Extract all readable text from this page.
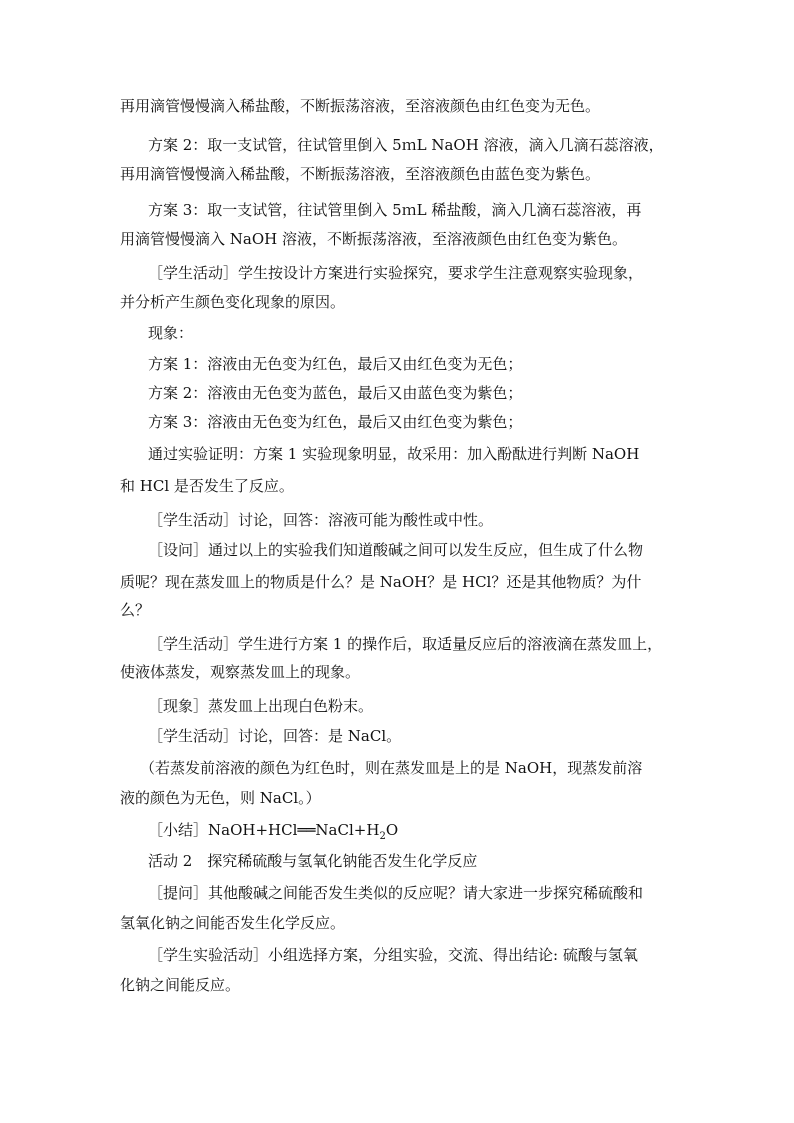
再用滴管慢慢滴入稀盐酸，不断振荡溶液，至溶液颜色由红色变为无色。
方案 2：取一支试管，往试管里倒入 5ｍL NaOH 溶液，滴入几滴石蕊溶液，
再用滴管慢慢滴入稀盐酸，不断振荡溶液，至溶液颜色由蓝色变为紫色。
方案 3：取一支试管，往试管里倒入 5ｍL 稀盐酸，滴入几滴石蕊溶液，再
用滴管慢慢滴入 NaOH 溶液，不断振荡溶液，至溶液颜色由红色变为紫色。
［学生活动］学生按设计方案进行实验探究，要求学生注意观察实验现象，
并分析产生颜色变化现象的原因。
现象：
方案 1：溶液由无色变为红色，最后又由红色变为无色；
方案 2：溶液由无色变为蓝色，最后又由蓝色变为紫色；
方案 3：溶液由无色变为红色，最后又由红色变为紫色；
通过实验证明：方案 1 实验现象明显，故采用：加入酚酞进行判断 NaOH
和 HCl 是否发生了反应。
［学生活动］讨论，回答：溶液可能为酸性或中性。
［设问］通过以上的实验我们知道酸碱之间可以发生反应，但生成了什么物
质呢？现在蒸发皿上的物质是什么？是 NaOH？是 HCl？还是其他物质？为什
么？
［学生活动］学生进行方案 1 的操作后，取适量反应后的溶液滴在蒸发皿上，
使液体蒸发，观察蒸发皿上的现象。
［现象］蒸发皿上出现白色粉末。
［学生活动］讨论，回答：是 NaCl。
（若蒸发前溶液的颜色为红色时，则在蒸发皿是上的是 NaOH，现蒸发前溶
液的颜色为无色，则 NaCl。）
［小结$]NaOH+HCl══NaCl+H_2O$
活动 2　探究稀硫酸与氢氧化钠能否发生化学反应
［提问］其他酸碱之间能否发生类似的反应呢？请大家进一步探究稀硫酸和
氢氧化钠之间能否发生化学反应。
［学生实验活动］小组选择方案，分组实验，交流、得出结论: 硫酸与氢氧
化钠之间能反应。
